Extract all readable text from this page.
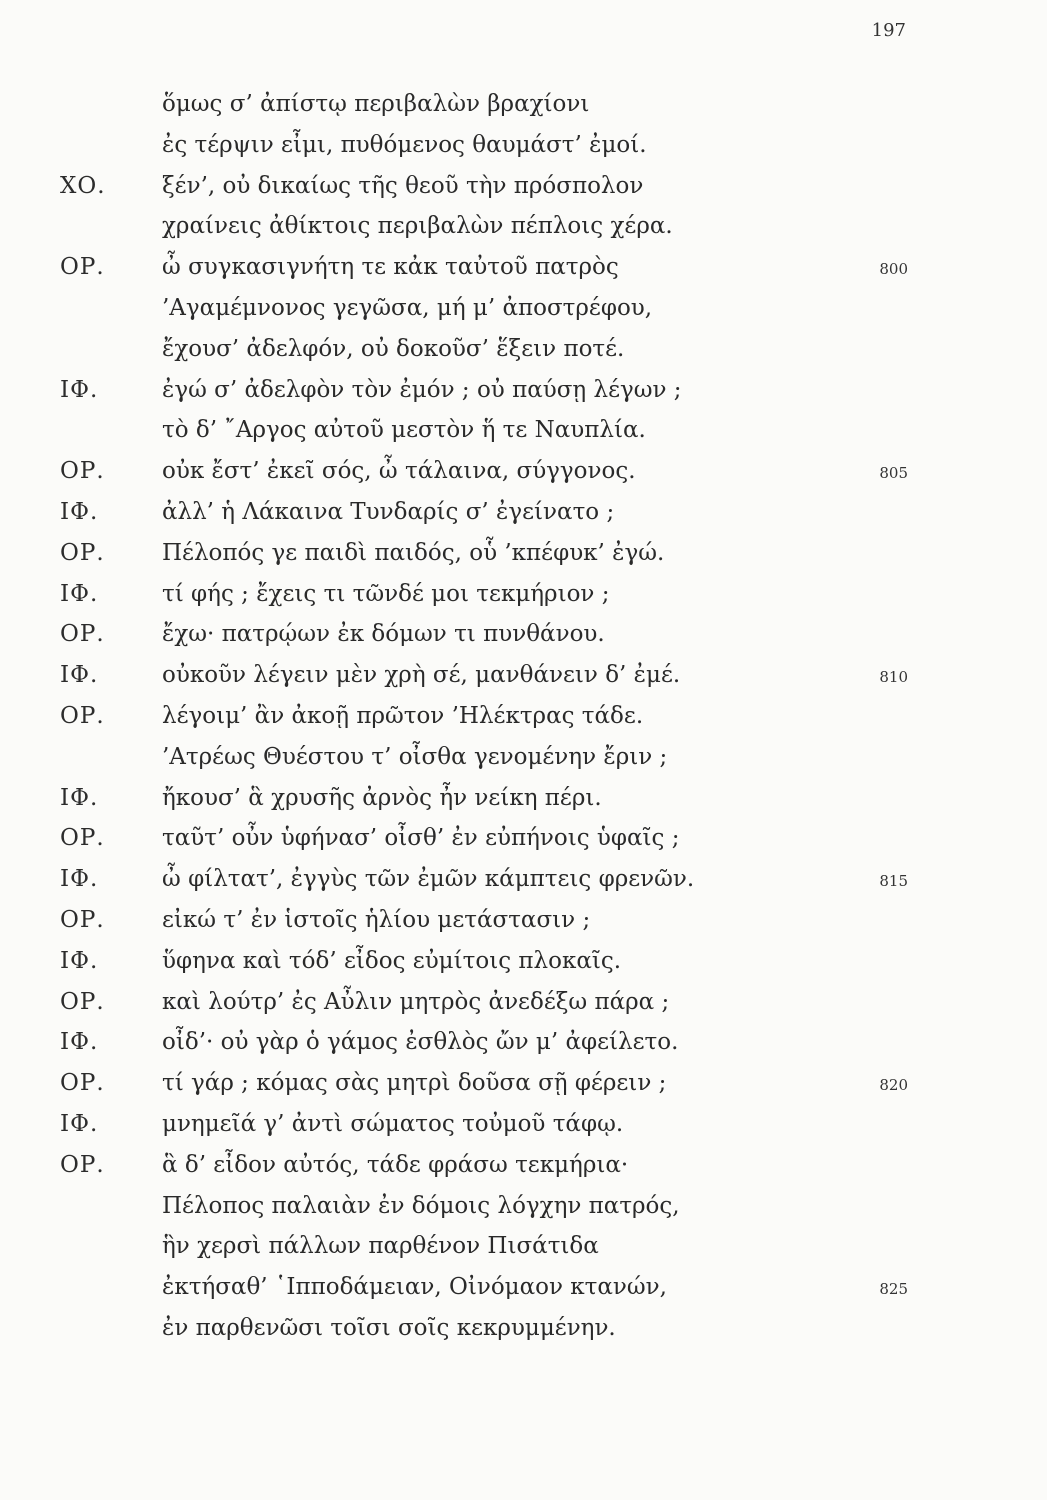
197
ὅμως σ’ ἀπίστῳ περιβαλὼν βραχίονι
ἐς τέρψιν εἶμι, πυθόμενος θαυμάστ’ ἐμοί.
ΧΟ.	ξέν’, οὐ δικαίως τῆς θεοῦ τὴν πρόσπολον
χραίνεις ἀθίκτοις περιβαλὼν πέπλοις χέρα.
ΟΡ.	ὦ συγκασιγνήτη τε κἀκ ταὐτοῦ πατρὸς	800
’Αγαμέμνονος γεγῶσα, μή μ’ ἀποστρέφου,
ἔχουσ’ ἀδελφόν, οὐ δοκοῦσ’ ἕξειν ποτέ.
ΙΦ.	ἐγώ σ’ ἀδελφὸν τὸν ἐμόν ; οὐ παύσῃ λέγων ;
τὸ δ’ ῎Αργος αὐτοῦ μεστὸν ἥ τε Ναυπλία.
ΟΡ.	οὐκ ἔστ’ ἐκεῖ σός, ὦ τάλαινα, σύγγονος.	805
ΙΦ.	ἀλλ’ ἡ Λάκαινα Τυνδαρίς σ’ ἐγείνατο ;
ΟΡ.	Πέλοπός γε παιδὶ παιδός, οὗ ’κπέφυκ’ ἐγώ.
ΙΦ.	τί φής ; ἔχεις τι τῶνδέ μοι τεκμήριον ;
ΟΡ.	ἔχω· πατρῴων ἐκ δόμων τι πυνθάνου.
ΙΦ.	οὐκοῦν λέγειν μὲν χρὴ σέ, μανθάνειν δ’ ἐμέ.	810
ΟΡ.	λέγοιμ’ ἂν ἀκοῇ πρῶτον ’Ηλέκτρας τάδε.
’Ατρέως Θυέστου τ’ οἶσθα γενομένην ἔριν ;
ΙΦ.	ἤκουσ’ ἃ χρυσῆς ἀρνὸς ἦν νείκη πέρι.
ΟΡ.	ταῦτ’ οὖν ὑφήνασ’ οἶσθ’ ἐν εὐπήνοις ὑφαῖς ;
ΙΦ.	ὦ φίλτατ’, ἐγγὺς τῶν ἐμῶν κάμπτεις φρενῶν.	815
ΟΡ.	εἰκώ τ’ ἐν ἱστοῖς ἡλίου μετάστασιν ;
ΙΦ.	ὕφηνα καὶ τόδ’ εἶδος εὐμίτοις πλοκαῖς.
ΟΡ.	καὶ λούτρ’ ἐς Αὖλιν μητρὸς ἀνεδέξω πάρα ;
ΙΦ.	οἶδ’· οὐ γὰρ ὁ γάμος ἐσθλὸς ὤν μ’ ἀφείλετο.
ΟΡ.	τί γάρ ; κόμας σὰς μητρὶ δοῦσα σῇ φέρειν ;	820
ΙΦ.	μνημεῖά γ’ ἀντὶ σώματος τοὐμοῦ τάφῳ.
ΟΡ.	ἃ δ’ εἶδον αὐτός, τάδε φράσω τεκμήρια·
Πέλοπος παλαιὰν ἐν δόμοις λόγχην πατρός,
ἣν χερσὶ πάλλων παρθένον Πισάτιδα
ἐκτήσαθ’ ῾Ιπποδάμειαν, Οἰνόμαον κτανών,	825
ἐν παρθενῶσι τοῖσι σοῖς κεκρυμμένην.
